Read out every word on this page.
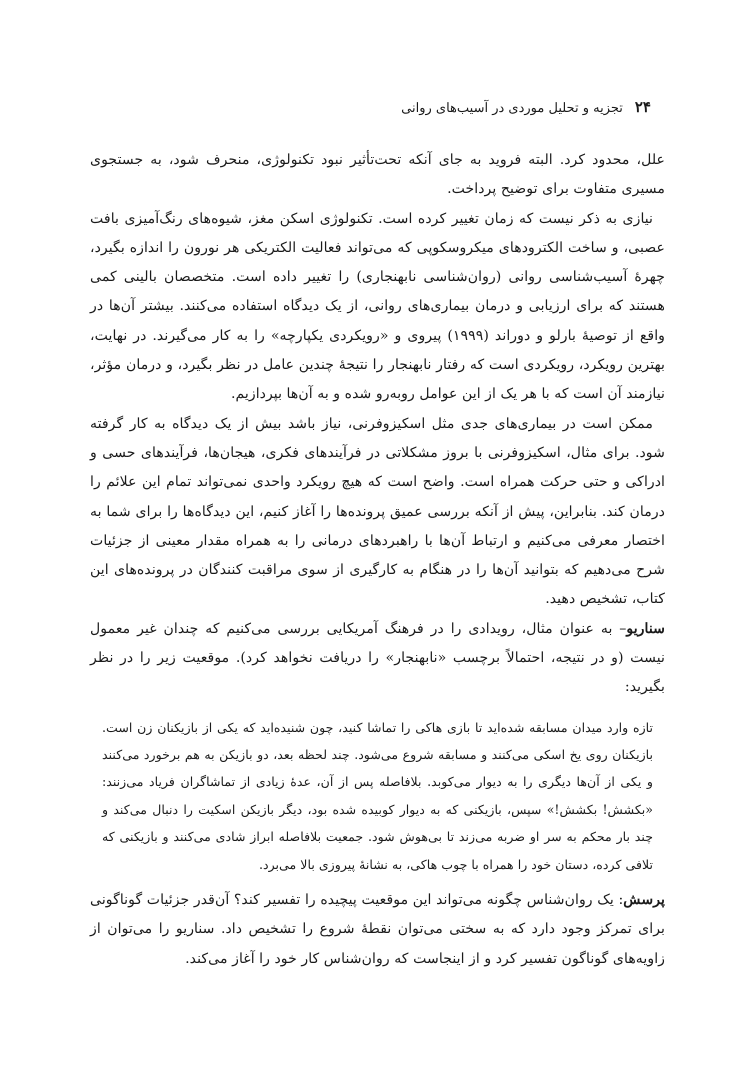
۲۴
تجزیه و تحلیل موردی در آسیب‌های روانی

علل، محدود کرد. البته فروید به جای آنکه تحت‌تأثیر نبود تکنولوژی، منحرف شود، به جستجوی مسیری متفاوت برای توضیح پرداخت.

نیازی به ذکر نیست که زمان تغییر کرده است. تکنولوژی اسکن مغز، شیوه‌های رنگ‌آمیزی بافت عصبی، و ساخت الکترودهای میکروسکوپی که می‌تواند فعالیت الکتریکی هر نورون را اندازه بگیرد، چهرهٔ آسیب‌شناسی روانی (روان‌شناسی نابهنجاری) را تغییر داده است. متخصصان بالینی کمی هستند که برای ارزیابی و درمان بیماری‌های روانی، از یک دیدگاه استفاده می‌کنند. بیشتر آن‌ها در واقع از توصیهٔ بارلو و دوراند (۱۹۹۹) پیروی و «رویکردی یکپارچه» را به کار می‌گیرند. در نهایت، بهترین رویکرد، رویکردی است که رفتار نابهنجار را نتیجهٔ چندین عامل در نظر بگیرد، و درمان مؤثر، نیازمند آن است که با هر یک از این عوامل روبه‌رو شده و به آن‌ها بپردازیم.

ممکن است در بیماری‌های جدی مثل اسکیزوفرنی، نیاز باشد بیش از یک دیدگاه به کار گرفته شود. برای مثال، اسکیزوفرنی با بروز مشکلاتی در فرآیندهای فکری، هیجان‌ها، فرآیندهای حسی و ادراکی و حتی حرکت همراه است. واضح است که هیچ رویکرد واحدی نمی‌تواند تمام این علائم را درمان کند. بنابراین، پیش از آنکه بررسی عمیق پرونده‌ها را آغاز کنیم، این دیدگاه‌ها را برای شما به اختصار معرفی می‌کنیم و ارتباط آن‌ها با راهبردهای درمانی را به همراه مقدار معینی از جزئیات شرح می‌دهیم که بتوانید آن‌ها را در هنگام به کارگیری از سوی مراقبت کنندگان در پرونده‌های این کتاب، تشخیص دهید.

سناریو– به عنوان مثال، رویدادی را در فرهنگ آمریکایی بررسی می‌کنیم که چندان غیر معمول نیست (و در نتیجه، احتمالاً برچسب «نابهنجار» را دریافت نخواهد کرد). موقعیت زیر را در نظر بگیرید:

تازه وارد میدان مسابقه شده‌اید تا بازی هاکی را تماشا کنید، چون شنیده‌اید که یکی از بازیکنان زن است. بازیکنان روی یخ اسکی می‌کنند و مسابقه شروع می‌شود. چند لحظه بعد، دو بازیکن به هم برخورد می‌کنند و یکی از آن‌ها دیگری را به دیوار می‌کوبد. بلافاصله پس از آن، عدهٔ زیادی از تماشاگران فریاد می‌زنند: «بکشش! بکشش!» سپس، بازیکنی که به دیوار کوبیده شده بود، دیگر بازیکن اسکیت را دنبال می‌کند و چند بار محکم به سر او ضربه می‌زند تا بی‌هوش شود. جمعیت بلافاصله ابراز شادی می‌کنند و بازیکنی که تلافی کرده، دستان خود را همراه با چوب هاکی، به نشانهٔ پیروزی بالا می‌برد.

پرسش: یک روان‌شناس چگونه می‌تواند این موقعیت پیچیده را تفسیر کند؟ آن‌قدر جزئیات گوناگونی برای تمرکز وجود دارد که به سختی می‌توان نقطهٔ شروع را تشخیص داد. سناریو را می‌توان از زاویه‌های گوناگون تفسیر کرد و از اینجاست که روان‌شناس کار خود را آغاز می‌کند.
